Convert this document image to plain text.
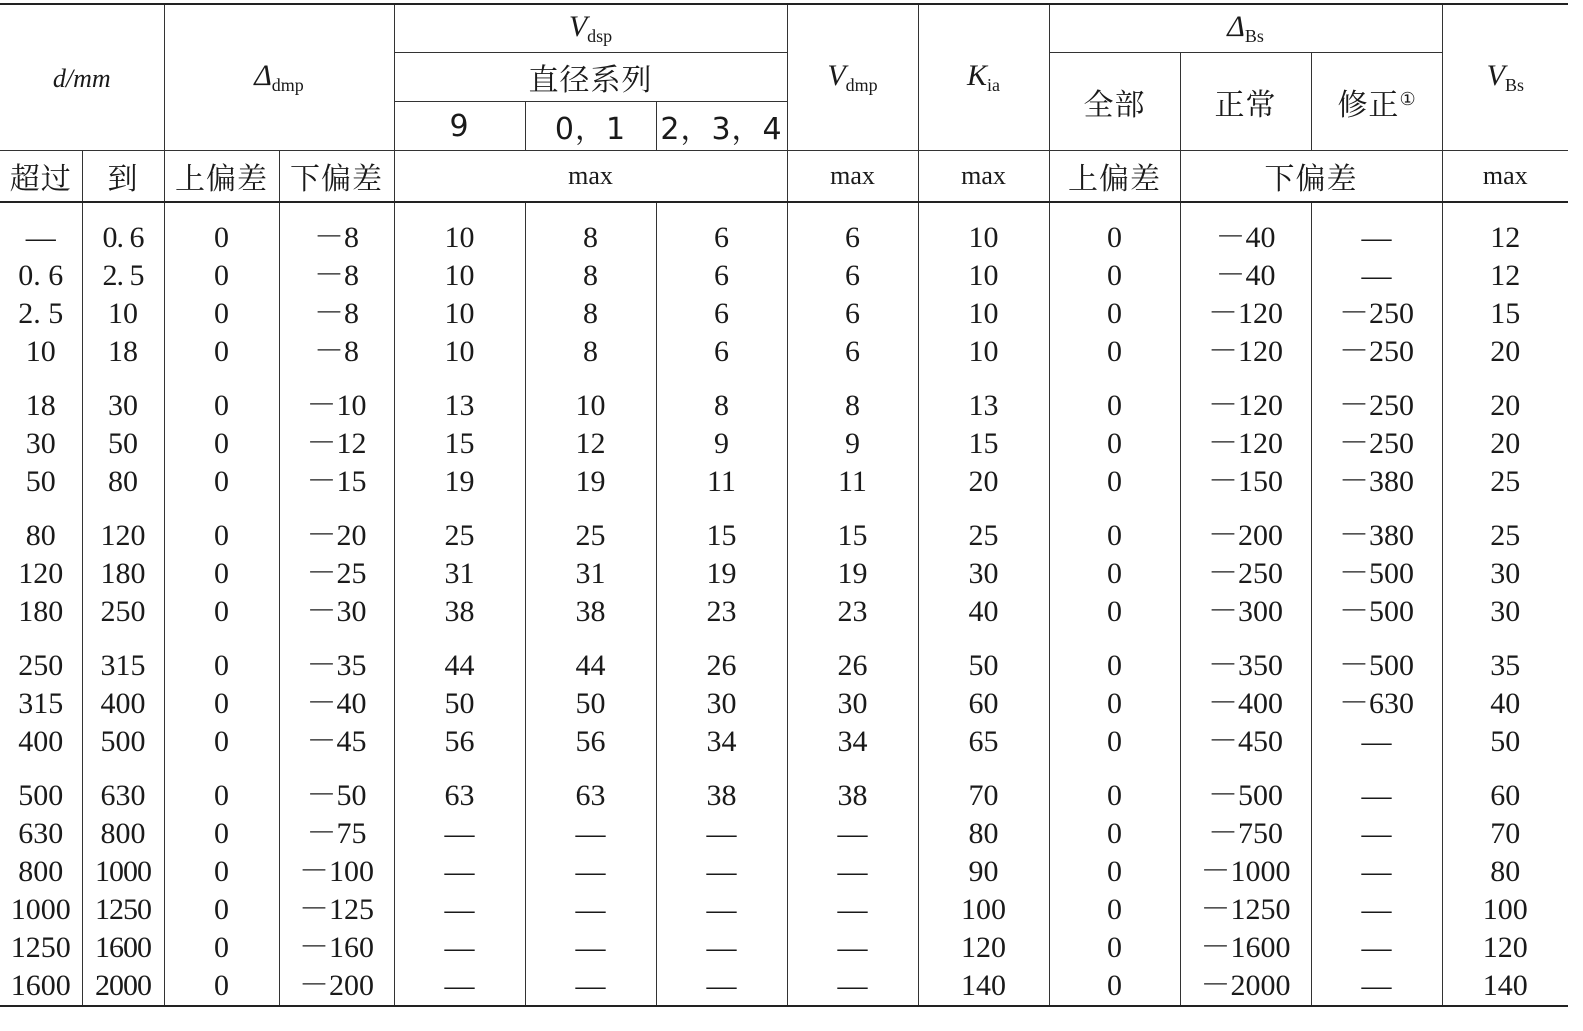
d/mm		$\Delta_{dmp}$		$V_{dsp}$			$V_{dmp}$	$K_{ia}$	$\Delta_{Bs}$			$V_{Bs}$
				直径系列					全部	正常	修正①
				9	0，1	2，3，4						
超过	到	上偏差	下偏差	max			max	max	上偏差	下偏差		max

—	0. 6	0	－8	10	8	6	6	10	0	－40	—	12
0. 6	2. 5	0	－8	10	8	6	6	10	0	－40	—	12
2. 5	10	0	－8	10	8	6	6	10	0	－120	－250	15
10	18	0	－8	10	8	6	6	10	0	－120	－250	20

18	30	0	－10	13	10	8	8	13	0	－120	－250	20
30	50	0	－12	15	12	9	9	15	0	－120	－250	20
50	80	0	－15	19	19	11	11	20	0	－150	－380	25

80	120	0	－20	25	25	15	15	25	0	－200	－380	25
120	180	0	－25	31	31	19	19	30	0	－250	－500	30
180	250	0	－30	38	38	23	23	40	0	－300	－500	30

250	315	0	－35	44	44	26	26	50	0	－350	－500	35
315	400	0	－40	50	50	30	30	60	0	－400	－630	40
400	500	0	－45	56	56	34	34	65	0	－450	—	50

500	630	0	－50	63	63	38	38	70	0	－500	—	60
630	800	0	－75	—	—	—	—	80	0	－750	—	70
800	1000	0	－100	—	—	—	—	90	0	－1000	—	80
1000	1250	0	－125	—	—	—	—	100	0	－1250	—	100
1250	1600	0	－160	—	—	—	—	120	0	－1600	—	120
1600	2000	0	－200	—	—	—	—	140	0	－2000	—	140
